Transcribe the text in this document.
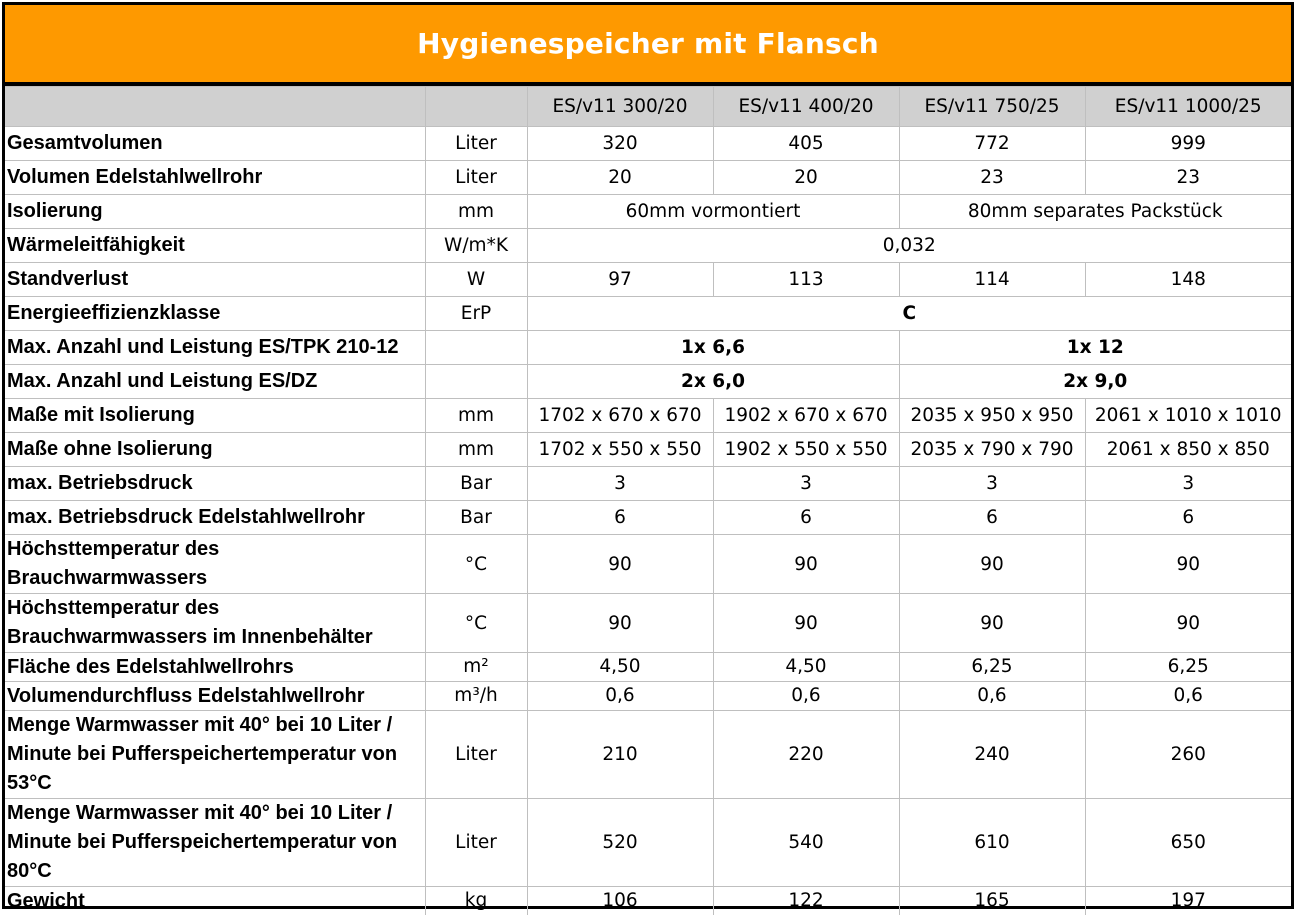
Hygienespeicher mit Flansch
		ES/v11 300/20	ES/v11 400/20	ES/v11 750/25	ES/v11 1000/25
Gesamtvolumen	Liter	320	405	772	999
Volumen Edelstahlwellrohr	Liter	20	20	23	23
Isolierung	mm	60mm vormontiert		80mm separates Packstück	
Wärmeleitfähigkeit	W/m*K	0,032			
Standverlust	W	97	113	114	148
Energieeffizienzklasse	ErP	C			
Max. Anzahl und Leistung ES/TPK 210-12		1x 6,6		1x 12	
Max. Anzahl und Leistung ES/DZ		2x 6,0		2x 9,0	
Maße mit Isolierung	mm	1702 x 670 x 670	1902 x 670 x 670	2035 x 950 x 950	2061 x 1010 x 1010
Maße ohne Isolierung	mm	1702 x 550 x 550	1902 x 550 x 550	2035 x 790 x 790	2061 x 850 x 850
max. Betriebsdruck	Bar	3	3	3	3
max. Betriebsdruck Edelstahlwellrohr	Bar	6	6	6	6

Höchsttemperatur des
Brauchwarmwassers	°C	90	90	90	90

Höchsttemperatur des
Brauchwarmwassers im Innenbehälter	°C	90	90	90	90
Fläche des Edelstahlwellrohrs	m²	4,50	4,50	6,25	6,25
Volumendurchfluss Edelstahlwellrohr	m³/h	0,6	0,6	0,6	0,6

Menge Warmwasser mit 40° bei 10 Liter /
Minute bei Pufferspeichertemperatur von
53°C	Liter	210	220	240	260

Menge Warmwasser mit 40° bei 10 Liter /
Minute bei Pufferspeichertemperatur von
80°C	Liter	520	540	610	650
Gewicht	kg	106	122	165	197
